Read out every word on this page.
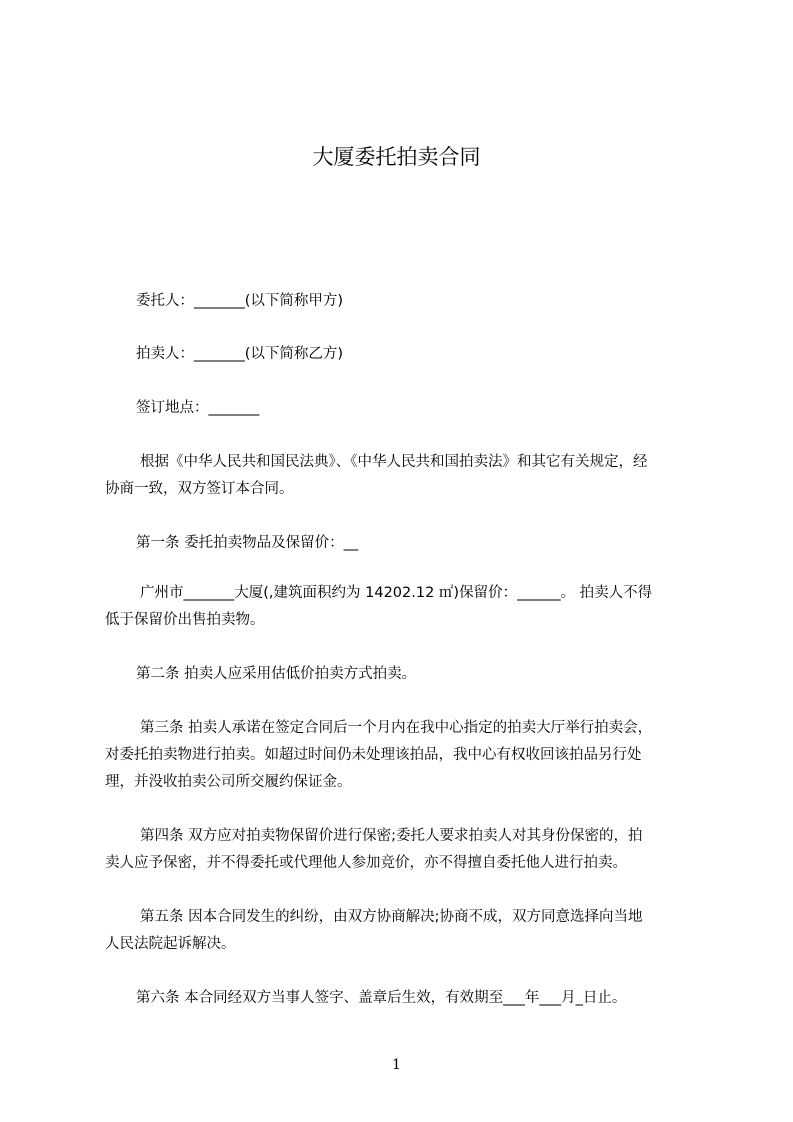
大厦委托拍卖合同
委托人：_______(以下简称甲方)
拍卖人：_______(以下简称乙方)
签订地点：_______
根据《中华人民共和国民法典》、《中华人民共和国拍卖法》和其它有关规定，经
协商一致，双方签订本合同。
第一条 委托拍卖物品及保留价：__
广州市_______大厦(,建筑面积约为 14202.12 ㎡)保留价：______。 拍卖人不得
低于保留价出售拍卖物。
第二条 拍卖人应采用估低价拍卖方式拍卖。
第三条 拍卖人承诺在签定合同后一个月内在我中心指定的拍卖大厅举行拍卖会，
对委托拍卖物进行拍卖。如超过时间仍未处理该拍品，我中心有权收回该拍品另行处
理，并没收拍卖公司所交履约保证金。
第四条 双方应对拍卖物保留价进行保密;委托人要求拍卖人对其身份保密的，拍
卖人应予保密，并不得委托或代理他人参加竞价，亦不得擅自委托他人进行拍卖。
第五条 因本合同发生的纠纷，由双方协商解决;协商不成，双方同意选择向当地
人民法院起诉解决。
第六条 本合同经双方当事人签字、盖章后生效，有效期至___年___月_日止。
1
